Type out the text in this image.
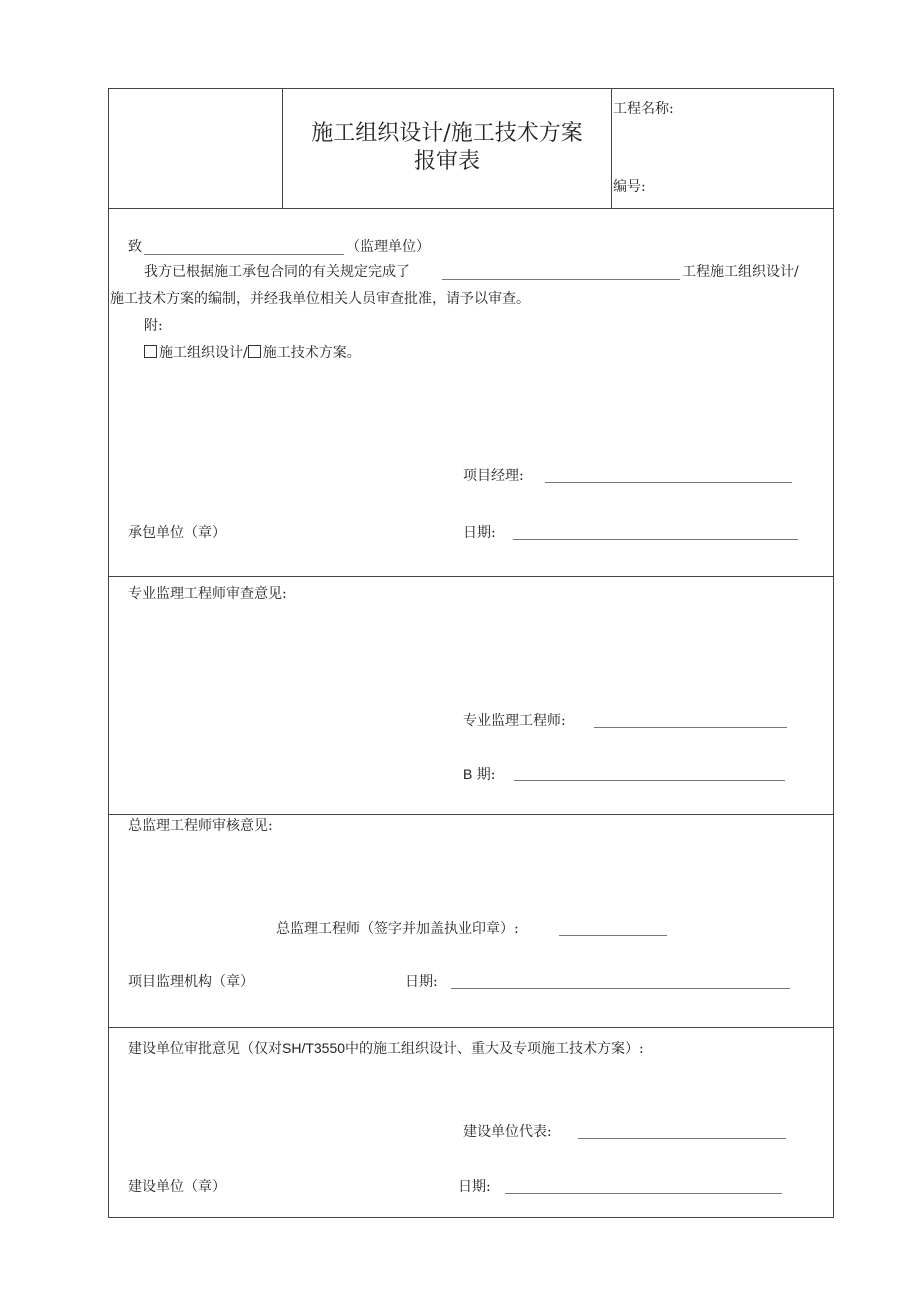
施工组织设计/施工技术方案
报审表
工程名称:
编号:
致	（监理单位）
我方已根据施工承包合同的有关规定完成了	工程施工组织设计/
施工技术方案的编制，并经我单位相关人员审查批准，请予以审查。
附:
施工组织设计/ 施工技术方案。
项目经理:
承包单位（章）	日期:
专业监理工程师审查意见:
专业监理工程师:
B 期:
总监理工程师审核意见:
总监理工程师（签字并加盖执业印章）:
项目监理机构（章）	日期:
建设单位审批意见（仅对SH/T3550中的施工组织设计、重大及专项施工技术方案）:
建设单位代表:
建设单位（章）	日期:
